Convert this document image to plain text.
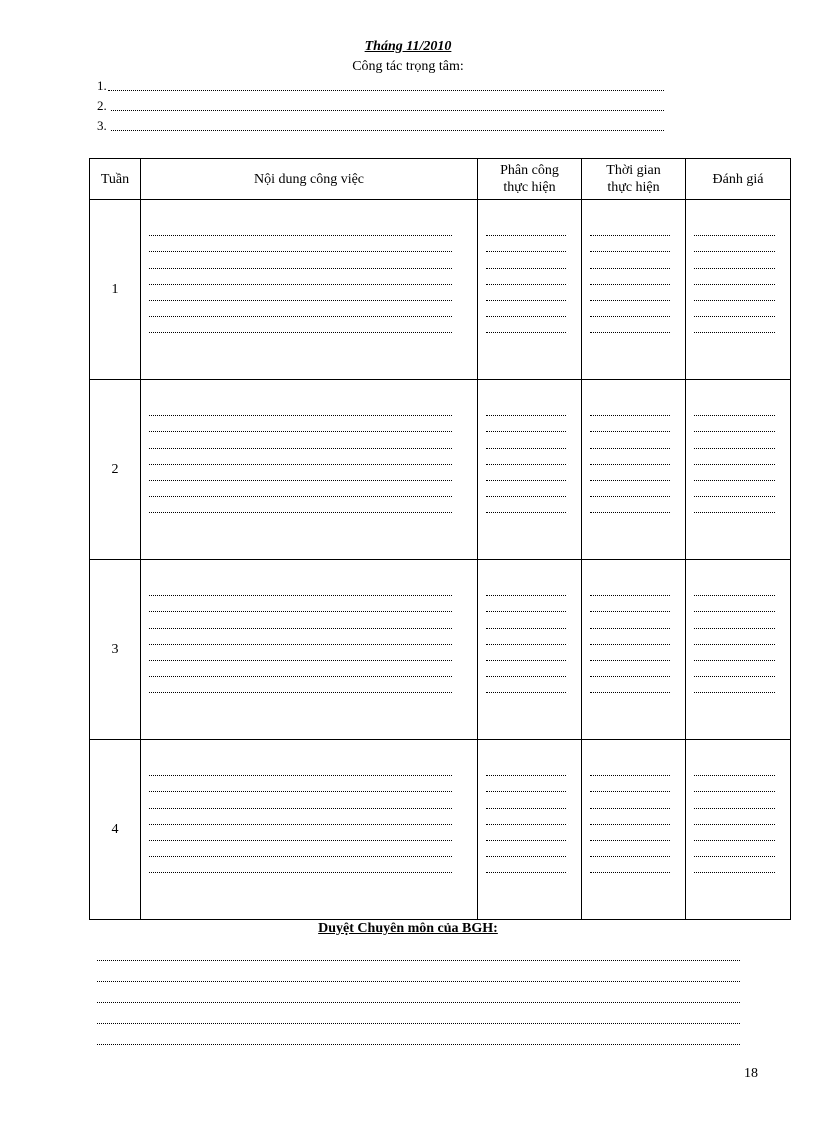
Tháng 11/2010
Công tác trọng tâm:
1.
2.
3.
Tuần	Nội dung công việc	Phân công thực hiện	Thời gian thực hiện	Đánh giá
1	

2	

3	

4	

Duyệt Chuyên môn của BGH:
18
